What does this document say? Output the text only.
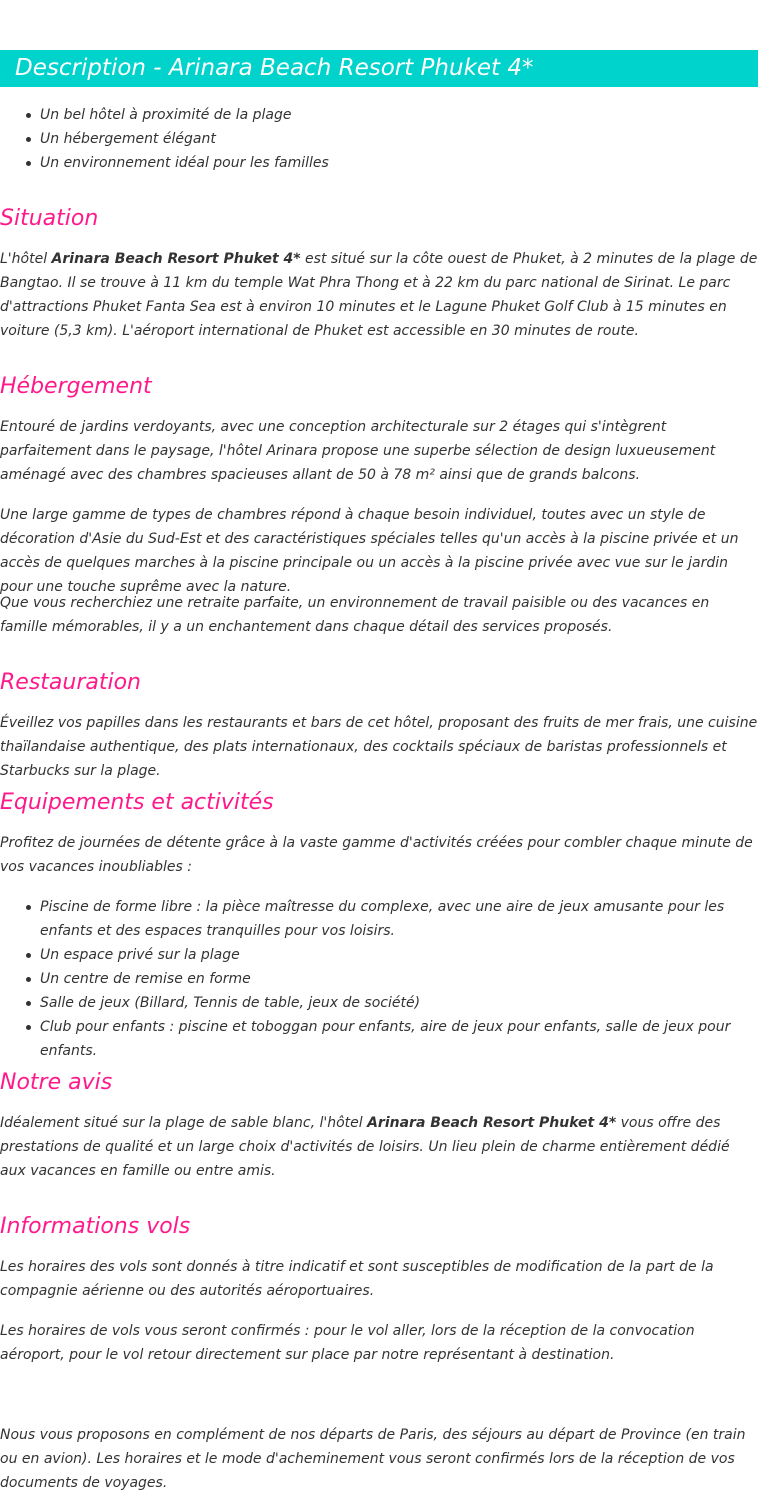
Description - Arinara Beach Resort Phuket 4*
Un bel hôtel à proximité de la plage
Un hébergement élégant
Un environnement idéal pour les familles
Situation

L'hôtel Arinara Beach Resort Phuket 4* est situé sur la côte ouest de Phuket, à 2 minutes de la plage de Bangtao. Il se trouve à 11 km du temple Wat Phra Thong et à 22 km du parc national de Sirinat. Le parc d'attractions Phuket Fanta Sea est à environ 10 minutes et le Lagune Phuket Golf Club à 15 minutes en voiture (5,3 km). L'aéroport international de Phuket est accessible en 30 minutes de route.

Hébergement

Entouré de jardins verdoyants, avec une conception architecturale sur 2 étages qui s'intègrent parfaitement dans le paysage, l'hôtel Arinara propose une superbe sélection de design luxueusement aménagé avec des chambres spacieuses allant de 50 à 78 m² ainsi que de grands balcons.

Une large gamme de types de chambres répond à chaque besoin individuel, toutes avec un style de décoration d'Asie du Sud-Est et des caractéristiques spéciales telles qu'un accès à la piscine privée et un accès de quelques marches à la piscine principale ou un accès à la piscine privée avec vue sur le jardin pour une touche suprême avec la nature.

Que vous recherchiez une retraite parfaite, un environnement de travail paisible ou des vacances en famille mémorables, il y a un enchantement dans chaque détail des services proposés.

Restauration

Éveillez vos papilles dans les restaurants et bars de cet hôtel, proposant des fruits de mer frais, une cuisine thaïlandaise authentique, des plats internationaux, des cocktails spéciaux de baristas professionnels et Starbucks sur la plage.

Equipements et activités

Profitez de journées de détente grâce à la vaste gamme d'activités créées pour combler chaque minute de vos vacances inoubliables :

Piscine de forme libre : la pièce maîtresse du complexe, avec une aire de jeux amusante pour les enfants et des espaces tranquilles pour vos loisirs.
Un espace privé sur la plage
Un centre de remise en forme
Salle de jeux (Billard, Tennis de table, jeux de société)
Club pour enfants : piscine et toboggan pour enfants, aire de jeux pour enfants, salle de jeux pour enfants.
Notre avis

Idéalement situé sur la plage de sable blanc, l'hôtel Arinara Beach Resort Phuket 4* vous offre des prestations de qualité et un large choix d'activités de loisirs. Un lieu plein de charme entièrement dédié aux vacances en famille ou entre amis.

Informations vols

Les horaires des vols sont donnés à titre indicatif et sont susceptibles de modification de la part de la compagnie aérienne ou des autorités aéroportuaires.

Les horaires de vols vous seront confirmés : pour le vol aller, lors de la réception de la convocation aéroport, pour le vol retour directement sur place par notre représentant à destination.

Nous vous proposons en complément de nos départs de Paris, des séjours au départ de Province (en train ou en avion). Les horaires et le mode d'acheminement vous seront confirmés lors de la réception de vos documents de voyages.
